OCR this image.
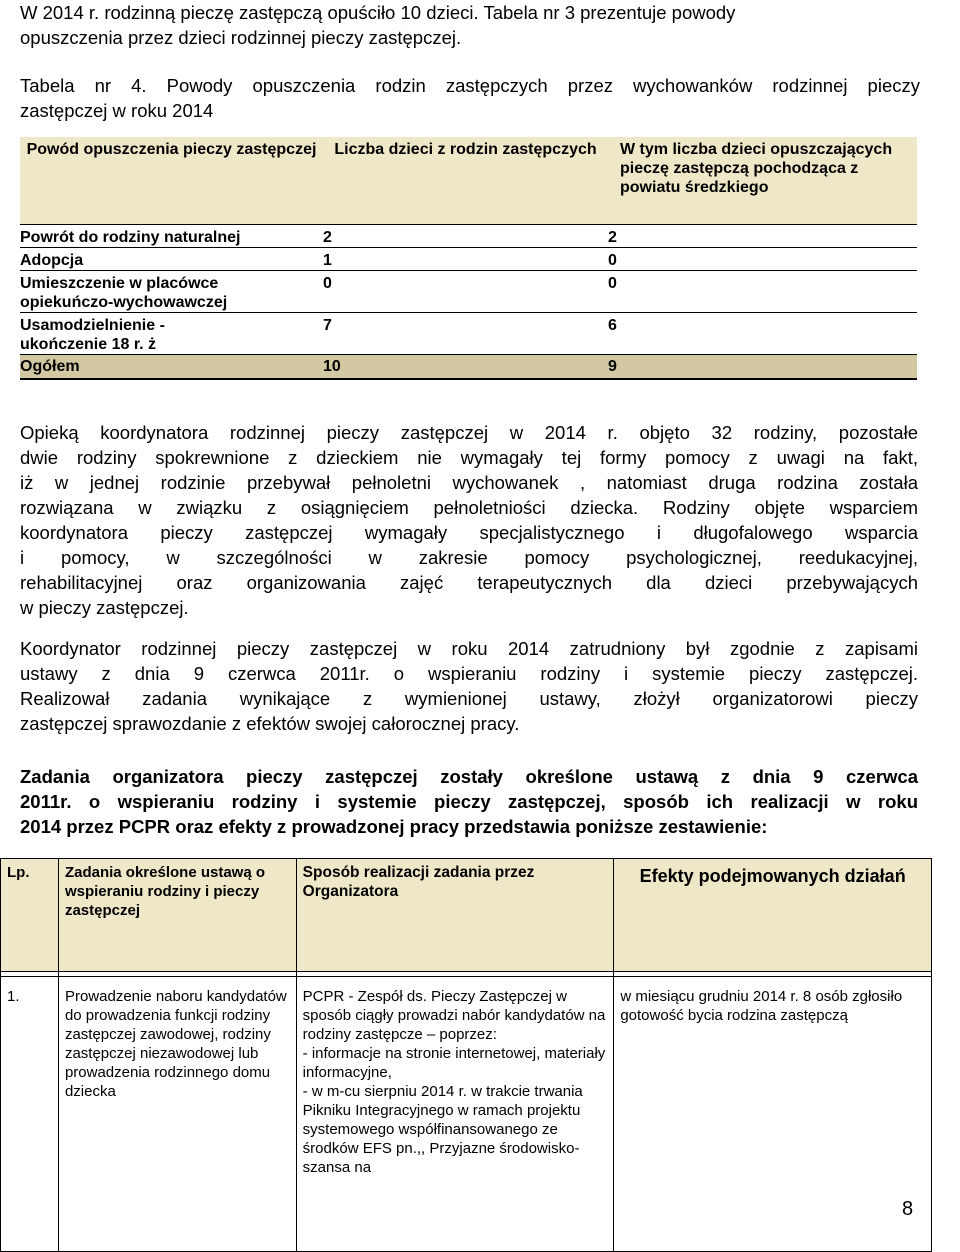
W 2014 r. rodzinną pieczę zastępczą opuściło 10 dzieci. Tabela nr 3 prezentuje powody
opuszczenia przez dzieci rodzinnej pieczy zastępczej.
Tabela nr 4. Powody opuszczenia rodzin zastępczych przez wychowanków rodzinnej pieczy
zastępczej w roku 2014
Powód opuszczenia pieczy zastępczej	Liczba dzieci z rodzin zastępczych	W tym liczba dzieci opuszczających pieczę zastępczą pochodząca z powiatu średzkiego
Powrót do rodziny naturalnej	2	2
Adopcja	1	0
Umieszczenie w placówce opiekuńczo-wychowawczej	0	0
Usamodzielnienie -ukończenie 18 r. ż	7	6
Ogółem	10	9
Opieką koordynatora rodzinnej pieczy zastępczej w 2014 r. objęto 32 rodziny, pozostałe
dwie rodziny spokrewnione z dzieckiem nie wymagały tej formy pomocy z uwagi na fakt,
iż w jednej rodzinie przebywał pełnoletni wychowanek , natomiast druga rodzina została
rozwiązana w związku z osiągnięciem pełnoletniości dziecka. Rodziny objęte wsparciem
koordynatora pieczy zastępczej wymagały specjalistycznego i długofalowego wsparcia
i pomocy, w szczególności w zakresie pomocy psychologicznej, reedukacyjnej,
rehabilitacyjnej oraz organizowania zajęć terapeutycznych dla dzieci przebywających
w pieczy zastępczej.
Koordynator rodzinnej pieczy zastępczej w roku 2014 zatrudniony był zgodnie z zapisami
ustawy z dnia 9 czerwca 2011r. o wspieraniu rodziny i systemie pieczy zastępczej.
Realizował zadania wynikające z wymienionej ustawy, złożył organizatorowi pieczy
zastępczej sprawozdanie z efektów swojej całorocznej pracy.
Zadania organizatora pieczy zastępczej zostały określone ustawą z dnia 9 czerwca
2011r. o wspieraniu rodziny i systemie pieczy zastępczej, sposób ich realizacji w roku
2014 przez PCPR oraz efekty z prowadzonej pracy przedstawia poniższe zestawienie:
Lp.	Zadania określone ustawą o wspieraniu rodziny i pieczy zastępczej	Sposób realizacji zadania przez Organizatora	Efekty podejmowanych działań

1.	Prowadzenie naboru kandydatów do prowadzenia funkcji rodziny zastępczej zawodowej, rodziny zastępczej niezawodowej lub prowadzenia rodzinnego domu dziecka	PCPR - Zespół ds. Pieczy Zastępczej w sposób ciągły prowadzi nabór kandydatów na rodziny zastępcze – poprzez:
- informacje na stronie internetowej, materiały informacyjne,
- w m-cu sierpniu 2014 r. w trakcie trwania Pikniku Integracyjnego w ramach projektu systemowego współfinansowanego ze środków EFS pn.,, Przyjazne środowisko-szansa na	w miesiącu grudniu 2014 r. 8 osób zgłosiło gotowość bycia rodzina zastępczą
8
